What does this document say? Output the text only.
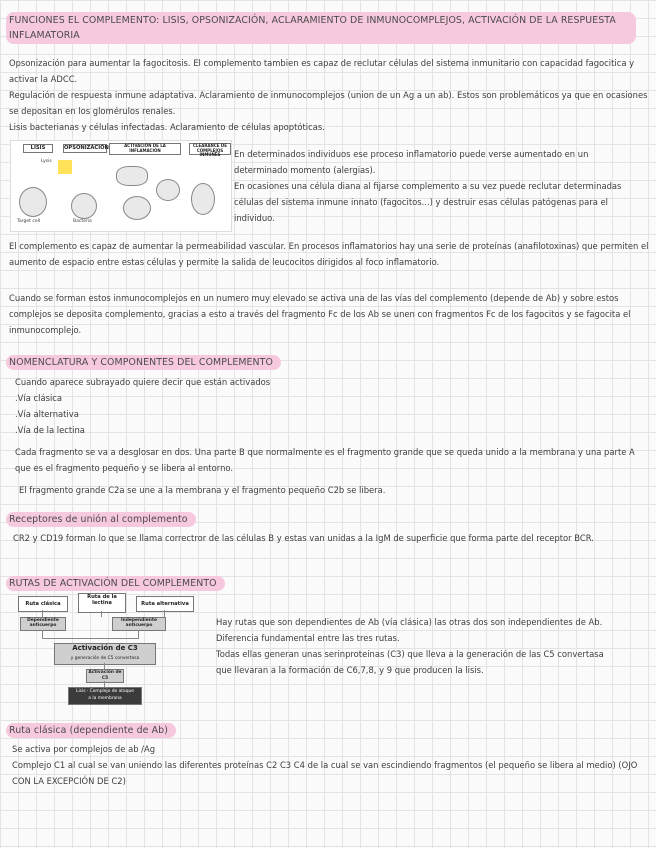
FUNCIONES EL COMPLEMENTO: LISIS, OPSONIZACIÓN, ACLARAMIENTO DE INMUNOCOMPLEJOS, ACTIVACIÓN DE LA RESPUESTA INFLAMATORIA

Opsonización para aumentar la fagocitosis. El complemento tambien es capaz de reclutar células del sistema inmunitario con capacidad fagocitica y activar la ADCC.

Regulación de respuesta inmune adaptativa. Aclaramiento de inmunocomplejos (union de un Ag a un ab). Estos son problemáticos ya que en ocasiones se depositan en los glomérulos renales.

Lisis bacterianas y células infectadas. Aclaramiento de células apoptóticas.

LISIS	OPSONIZACIÓN	ACTIVACIÓN DE LA INFLAMACIÓN
CLEARANCE DE COMPLEJOS INMUNES
Target cell	Bacteria
Lysis

En determinados individuos ese proceso inflamatorio puede verse aumentado en un determinado momento (alergias).

En ocasiones una célula diana al fijarse complemento a su vez puede reclutar determinadas células del sistema inmune innato (fagocitos...) y destruir esas células patógenas para el individuo.

El complemento es capaz de aumentar la permeabilidad vascular. En procesos inflamatorios hay una serie de proteínas (anafilotoxinas) que permiten el aumento de espacio entre estas células y permite la salida de leucocitos dirigidos al foco inflamatorio.
Cuando se forman estos inmunocomplejos en un numero muy elevado se activa una de las vías del complemento (depende de Ab) y sobre estos complejos se deposita complemento, gracias a esto a través del fragmento Fc de los Ab se unen con fragmentos Fc de los fagocitos y se fagocita el inmunocomplejo.
NOMENCLATURA Y COMPONENTES DEL COMPLEMENTO

Cuando aparece subrayado quiere decir que están activados

.Vía clásica

.Vía alternativa

.Vía de la lectina

Cada fragmento se va a desglosar en dos. Una parte B que normalmente es el fragmento grande que se queda unido a la membrana y una parte A que es el fragmento pequeño y se libera al entorno.
El fragmento grande C2a se une a la membrana y el fragmento pequeño C2b se libera.
Receptores de unión al complemento
CR2 y CD19 forman lo que se llama correctror de las células B y estas van unidas a la IgM de superficie que forma parte del receptor BCR.
RUTAS DE ACTIVACIÓN DEL COMPLEMENTO
Ruta clásica
Ruta de la lectina	Ruta alternativa
Dependiente anticuerpo
Independiente anticuerpo
Activación de C3
y generación de C5 convertasa
Activación de C5
Lisis · Complejo de ataque
a la membrana

Hay rutas que son dependientes de Ab (vía clásica) las otras dos son independientes de Ab. Diferencia fundamental entre las tres rutas.

Todas ellas generan unas serinproteinas (C3) que lleva a la generación de las C5 convertasa que llevaran a la formación de C6,7,8, y 9 que producen la lisis.

Ruta clásica (dependiente de Ab)

Se activa por complejos de ab /Ag

Complejo C1 al cual se van uniendo las diferentes proteínas C2 C3 C4 de la cual se van escindiendo fragmentos (el pequeño se libera al medio) (OJO CON LA EXCEPCIÓN DE C2)
